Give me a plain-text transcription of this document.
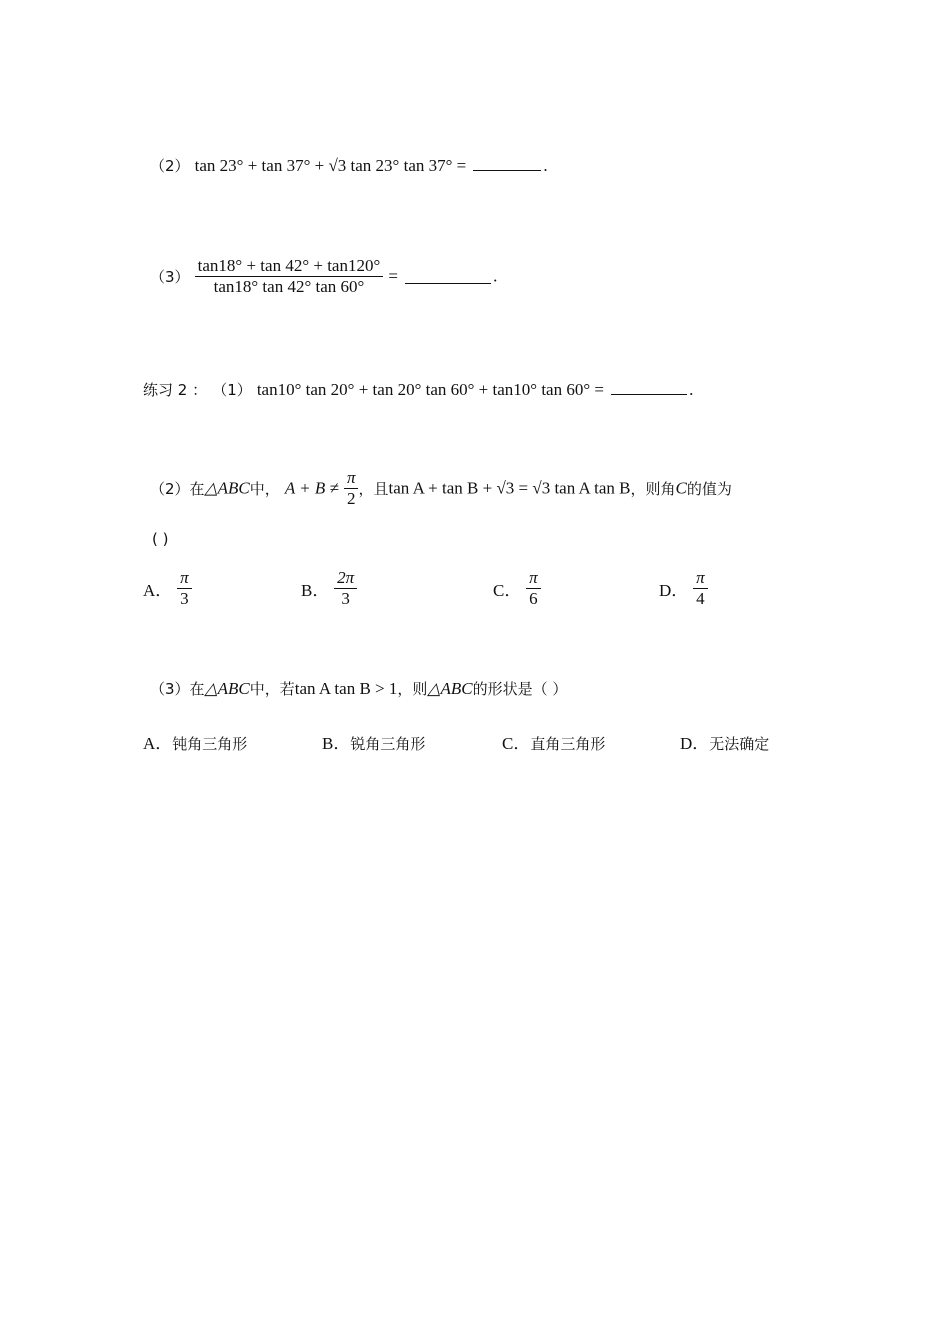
（2） tan 23° + tan 37° + √3 tan 23° tan 37° =	.
$(3) \frac{\tan 18^\circ + \tan 42^\circ + \tan 120^\circ}{\tan 18^\circ \tan 42^\circ \tan 60^\circ}$ =	.
练习 2 ： （1） tan10° tan 20° + tan 20° tan 60° + tan10° tan 60° =	.
（2）在△ABC中， $A + B \ne \frac{\pi}{2}$ ，且tan A + tan B + √3 = √3 tan A tan B，则角C的值为
( )
A． $\frac{\pi}{3}$	B． $\frac{2\pi}{3}$	C． $\frac{\pi}{6}$	D． $\frac{\pi}{4}$
（3）在△ABC中，若tan A tan B > 1，则△ABC的形状是（ ）
A．钝角三角形	B．锐角三角形	C．直角三角形	D．无法确定
